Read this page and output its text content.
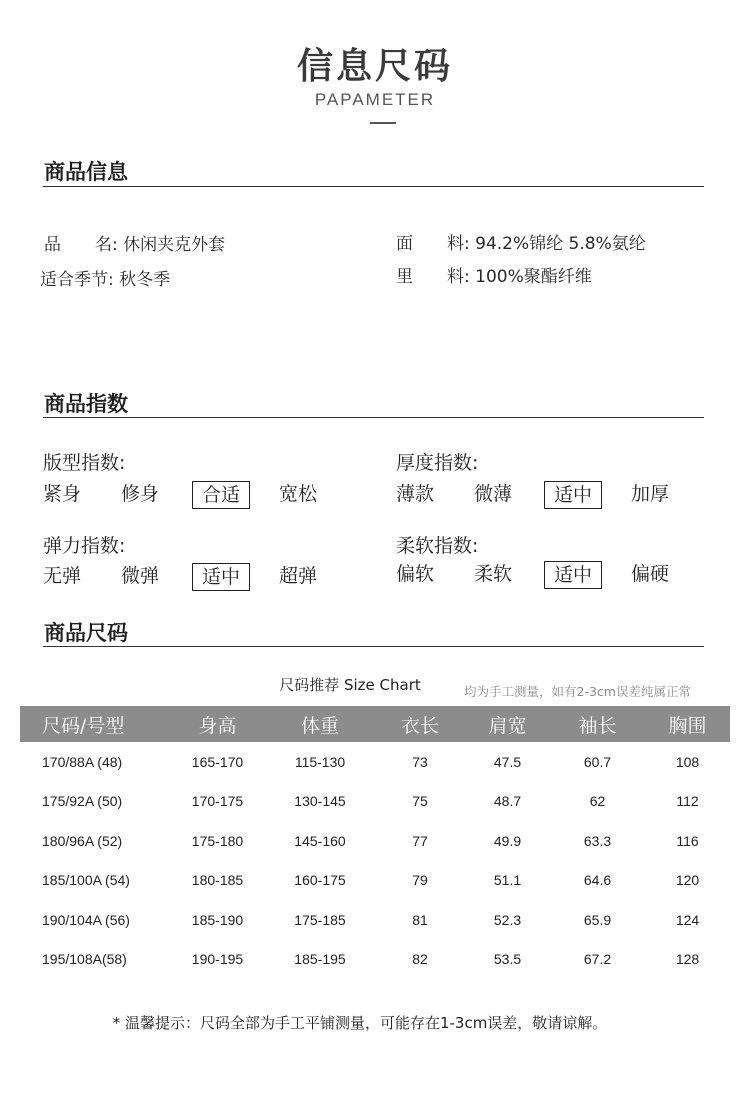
信息尺码
PAPAMETER
商品信息
品　　名: 休闲夹克外套
适合季节: 秋冬季
面　　料: 94.2%锦纶 5.8%氨纶
里　　料: 100%聚酯纤维
商品指数
版型指数:
紧身 修身	合适	宽松
厚度指数:
薄款 微薄	适中	加厚
弹力指数:
无弹 微弹	适中	超弹
柔软指数:
偏软 柔软	适中	偏硬
商品尺码
尺码推荐 Size Chart	均为手工测量，如有2-3cm误差纯属正常
尺码/号型	身高	体重	衣长	肩宽	袖长	胸围
170/88A (48)	165-170	115-130	73	47.5	60.7	108
175/92A (50)	170-175	130-145	75	48.7	62	112
180/96A (52)	175-180	145-160	77	49.9	63.3	116
185/100A (54)	180-185	160-175	79	51.1	64.6	120
190/104A (56)	185-190	175-185	81	52.3	65.9	124
195/108A(58)	190-195	185-195	82	53.5	67.2	128
* 温馨提示：尺码全部为手工平铺测量，可能存在1-3cm误差，敬请谅解。
